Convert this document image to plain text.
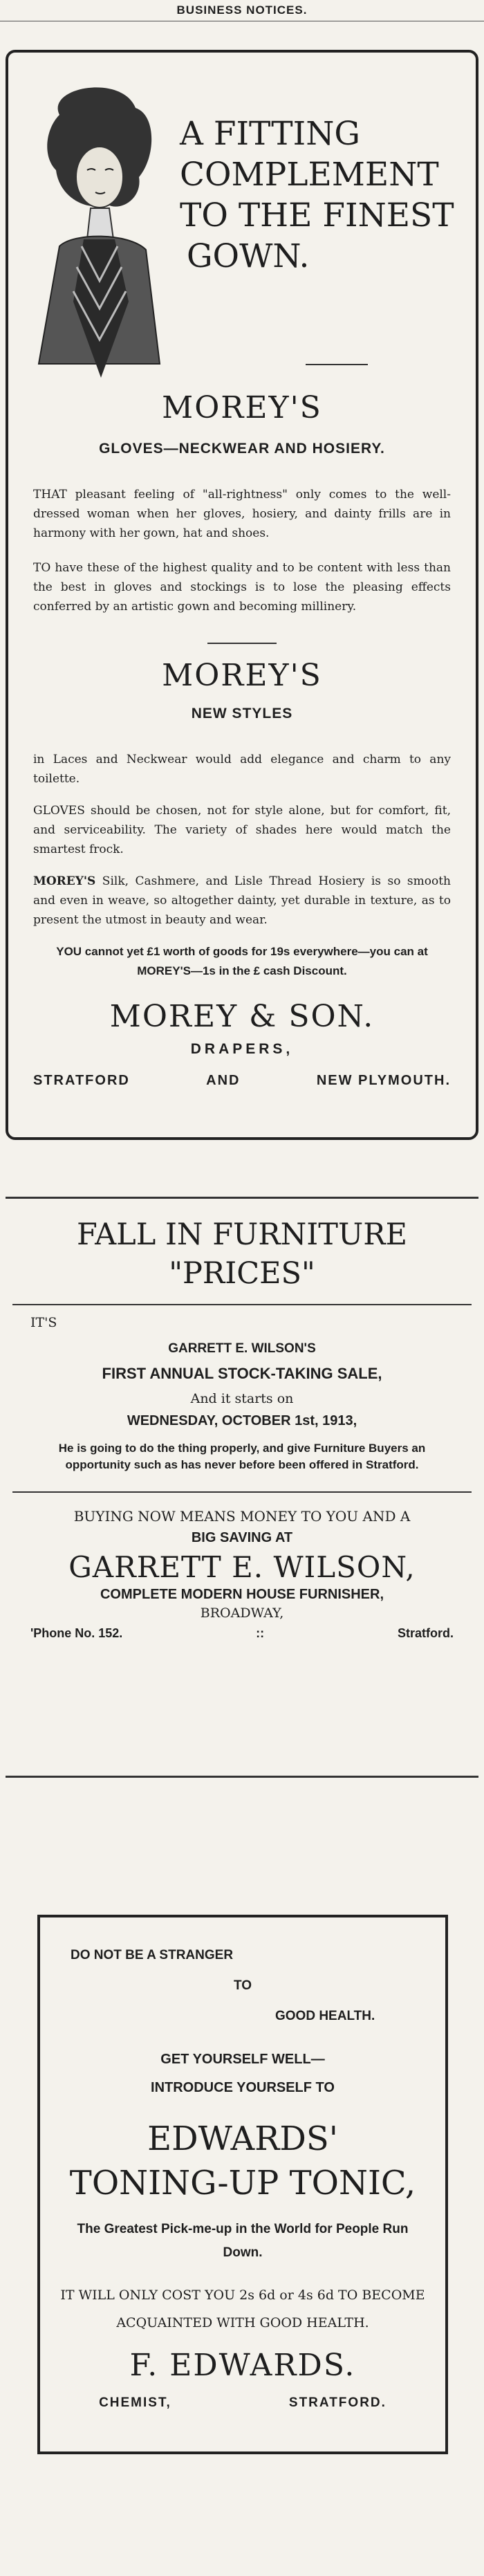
BUSINESS NOTICES.
A FITTING
COMPLEMENT
TO THE FINEST
GOWN.
MOREY'S
GLOVES—NECKWEAR AND HOSIERY.

THAT pleasant feeling of "all-rightness" only comes to the well-dressed woman when her gloves, hosiery, and dainty frills are in harmony with her gown, hat and shoes.

TO have these of the highest quality and to be content with less than the best in gloves and stockings is to lose the pleasing effects conferred by an artistic gown and becoming millinery.

MOREY'S
NEW STYLES

in Laces and Neckwear would add elegance and charm to any toilette.

GLOVES should be chosen, not for style alone, but for comfort, fit, and serviceability. The variety of shades here would match the smartest frock.

MOREY'S Silk, Cashmere, and Lisle Thread Hosiery is so smooth and even in weave, so altogether dainty, yet durable in texture, as to present the utmost in beauty and wear.

YOU cannot yet £1 worth of goods for 19s everywhere—you can at MOREY'S—1s in the £ cash Discount.

MOREY & SON.
DRAPERS,
STRATFORD	AND	NEW PLYMOUTH.
FALL IN FURNITURE
"PRICES"
IT'S
GARRETT E. WILSON'S
FIRST ANNUAL STOCK-TAKING SALE,
And it starts on
WEDNESDAY, OCTOBER 1st, 1913,

He is going to do the thing properly, and give Furniture Buyers an opportunity such as has never before been offered in Stratford.

BUYING NOW MEANS MONEY TO YOU AND A
BIG SAVING AT
GARRETT E. WILSON,
COMPLETE MODERN HOUSE FURNISHER,
BROADWAY,
'Phone No. 152.	::	Stratford.
DO NOT BE A STRANGER
TO
GOOD HEALTH.
GET YOURSELF WELL—
INTRODUCE YOURSELF TO
EDWARDS'
TONING-UP TONIC,

The Greatest Pick-me-up in the World for People Run Down.

IT WILL ONLY COST YOU 2s 6d or 4s 6d TO BECOME ACQUAINTED WITH GOOD HEALTH.

F. EDWARDS.
CHEMIST,	STRATFORD.
